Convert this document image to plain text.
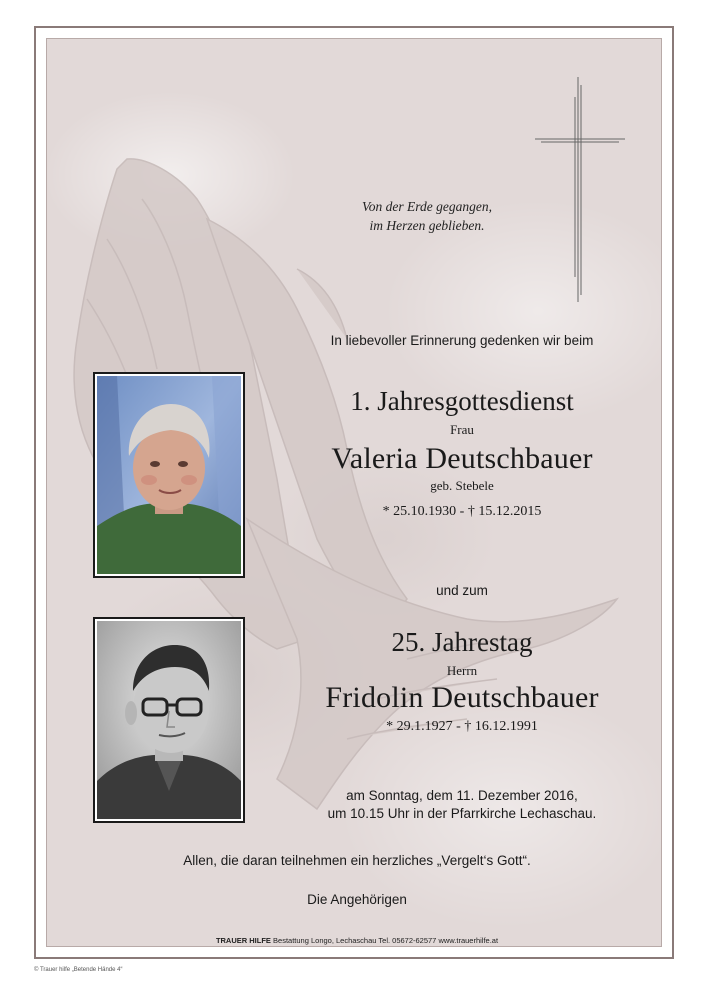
Von der Erde gegangen,
im Herzen geblieben.
In liebevoller Erinnerung gedenken wir beim
1. Jahresgottesdienst
Frau
Valeria Deutschbauer
geb. Stebele
* 25.10.1930 - † 15.12.2015
und zum
25. Jahrestag
Herrn
Fridolin Deutschbauer
* 29.1.1927 - † 16.12.1991
am Sonntag, dem 11. Dezember 2016,
um 10.15 Uhr in der Pfarrkirche Lechaschau.
Allen, die daran teilnehmen ein herzliches „Vergelt‘s Gott“.
Die Angehörigen
TRAUER HILFE Bestattung Longo, Lechaschau Tel. 05672-62577 www.trauerhilfe.at
© Trauer hilfe „Betende Hände 4“
